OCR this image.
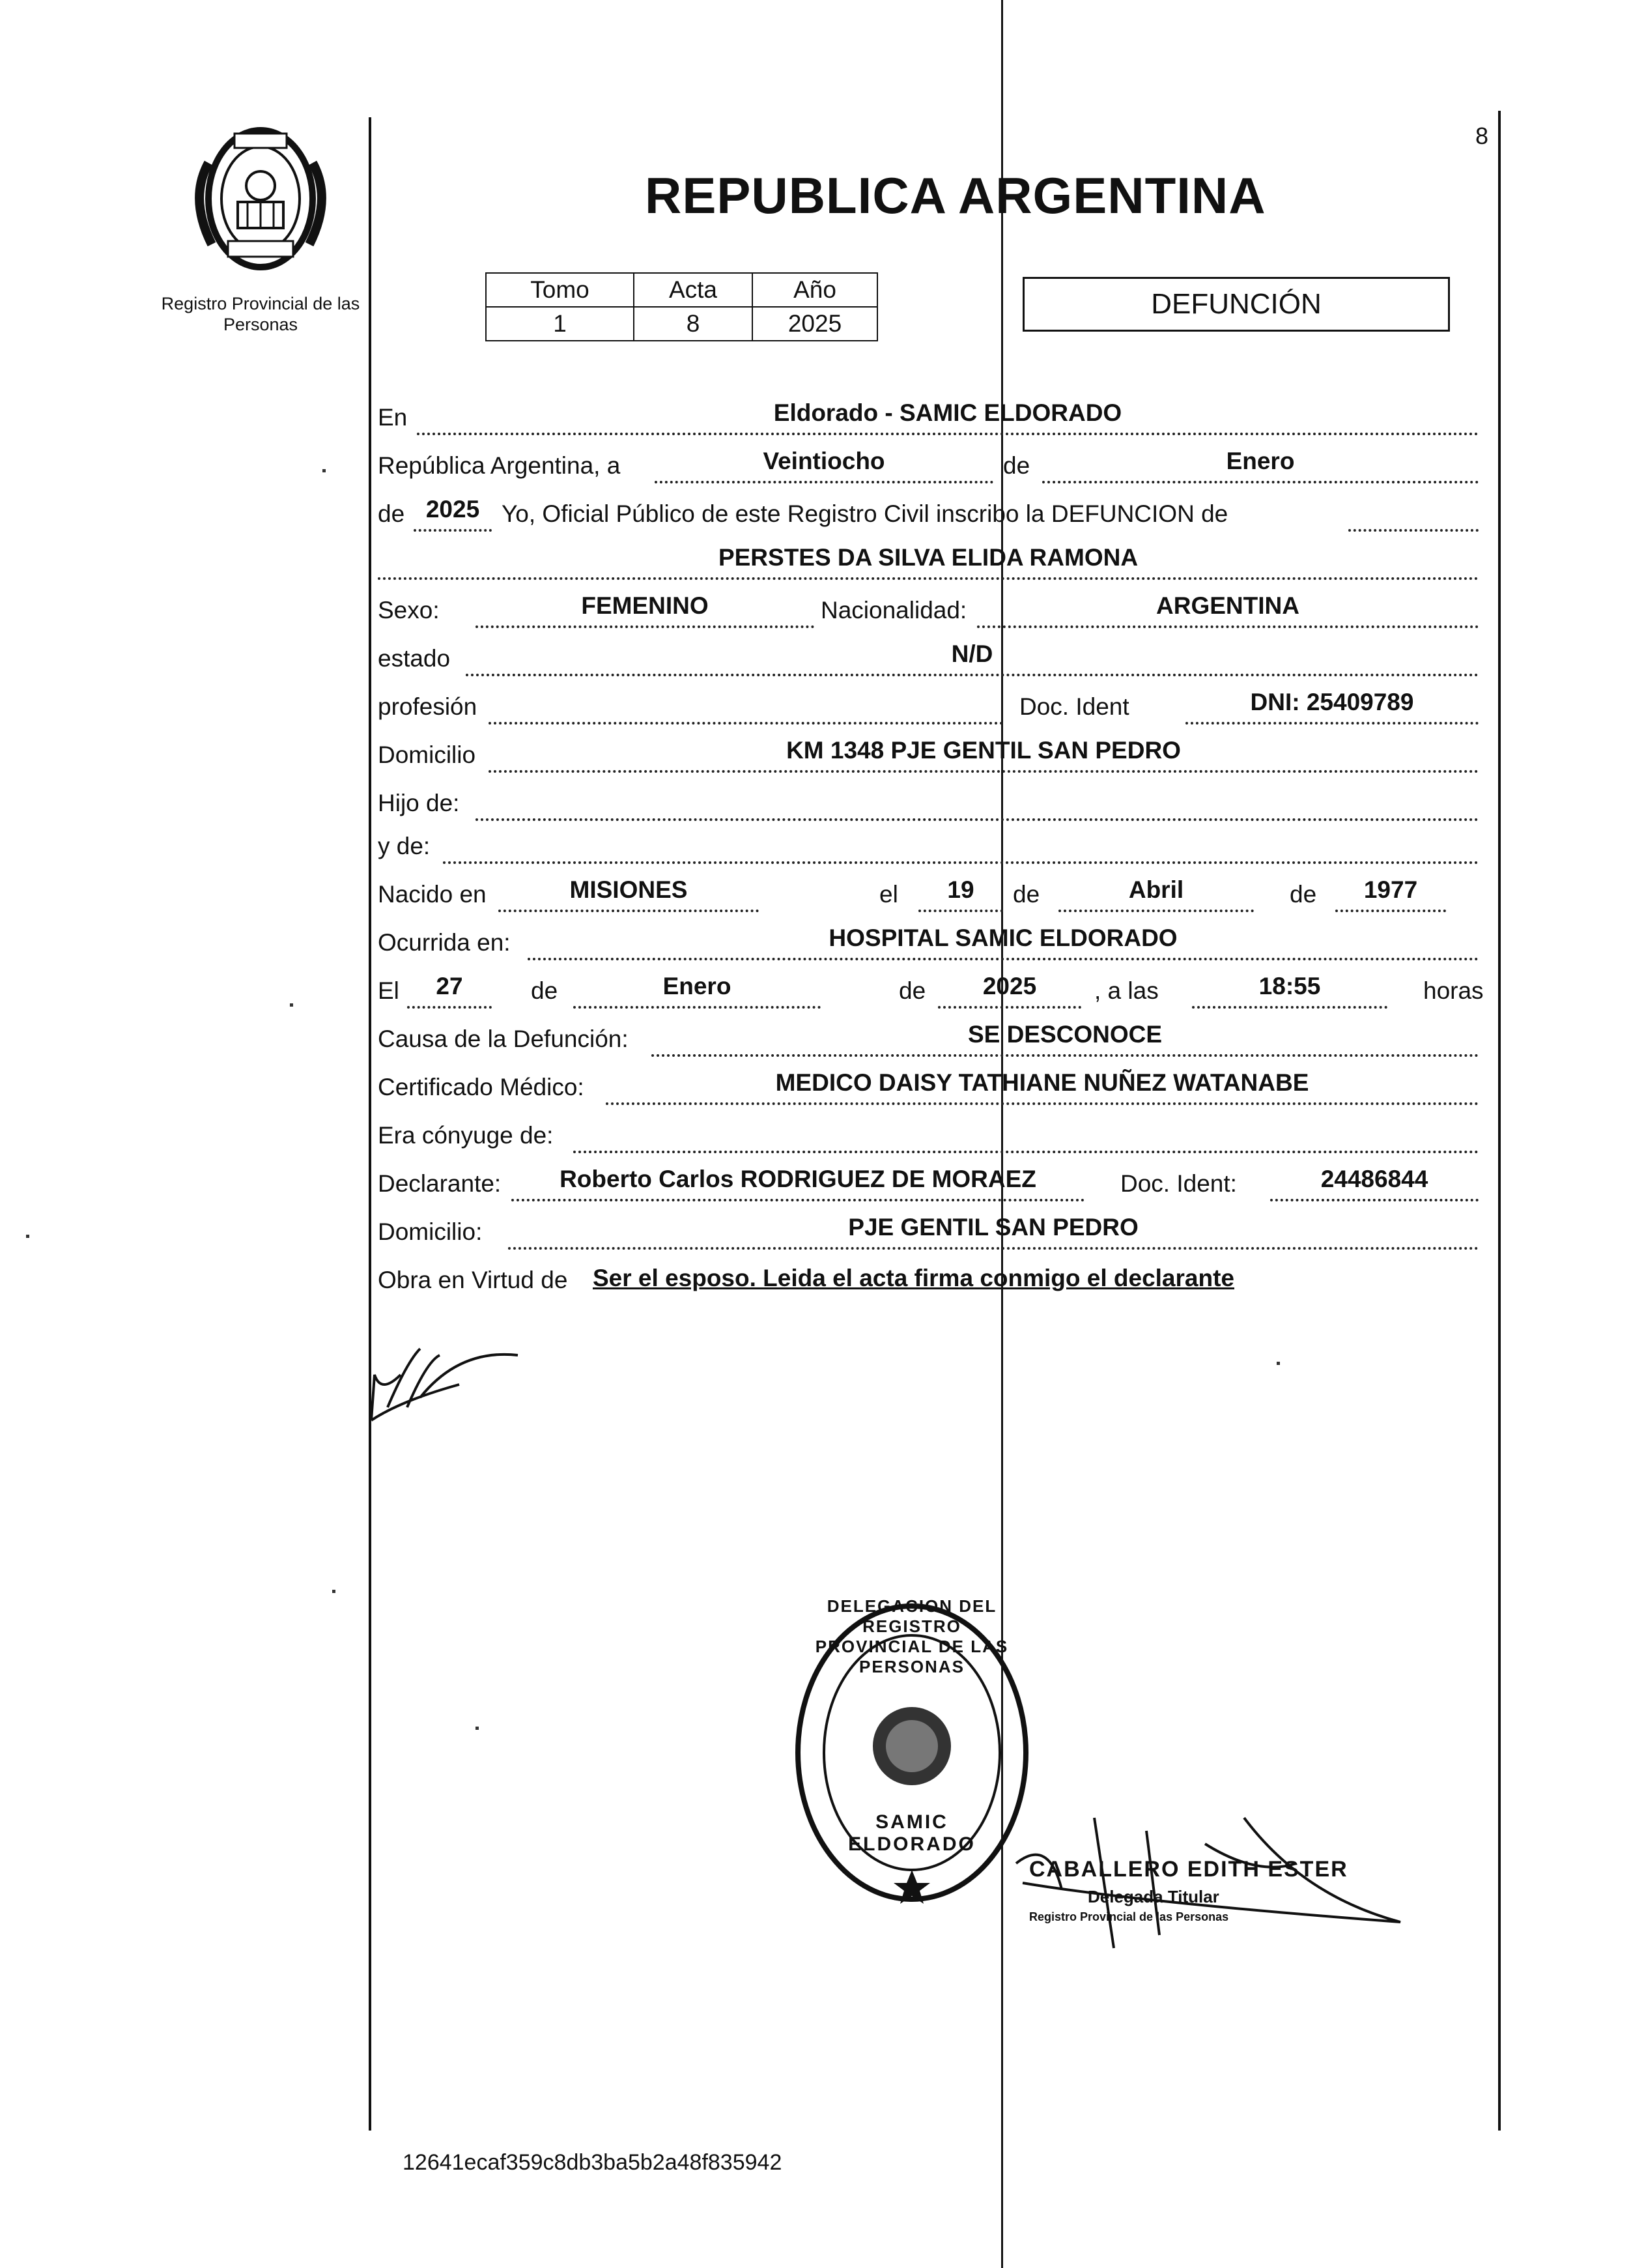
Registro Provincial de las Personas
8
REPUBLICA ARGENTINA
Tomo	Acta	Año
1	8	2025
DEFUNCIÓN
En	Eldorado - SAMIC ELDORADO
República Argentina, a	Veintiocho	de	Enero
de 2025 Yo, Oficial Público de este Registro Civil inscribo la DEFUNCION de
PERSTES DA SILVA ELIDA RAMONA
Sexo:	FEMENINO	Nacionalidad:	ARGENTINA
estado	N/D
profesión	Doc. Ident	DNI: 25409789
Domicilio	KM 1348 PJE GENTIL SAN PEDRO
Hijo de:
y de:
Nacido en	MISIONES	el	19	de	Abril	de	1977
Ocurrida en:	HOSPITAL SAMIC ELDORADO
El	27	de	Enero	de	2025	, a las	18:55	horas
Causa de la Defunción:	SE DESCONOCE
Certificado Médico:	MEDICO DAISY TATHIANE NUÑEZ WATANABE
Era cónyuge de:
Declarante:	Roberto Carlos RODRIGUEZ DE MORAEZ	Doc. Ident:	24486844
Domicilio:	PJE GENTIL SAN PEDRO
Obra en Virtud de Ser el esposo. Leida el acta firma conmigo el declarante
DELEGACION DEL REGISTRO PROVINCIAL DE LAS PERSONAS
SAMIC ELDORADO
CABALLERO EDITH ESTER
Delegada Titular
Registro Provincial de las Personas
12641ecaf359c8db3ba5b2a48f835942
